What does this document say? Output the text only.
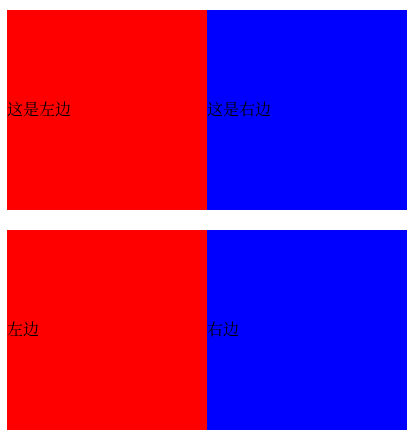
这是左边	这是右边
左边	右边
